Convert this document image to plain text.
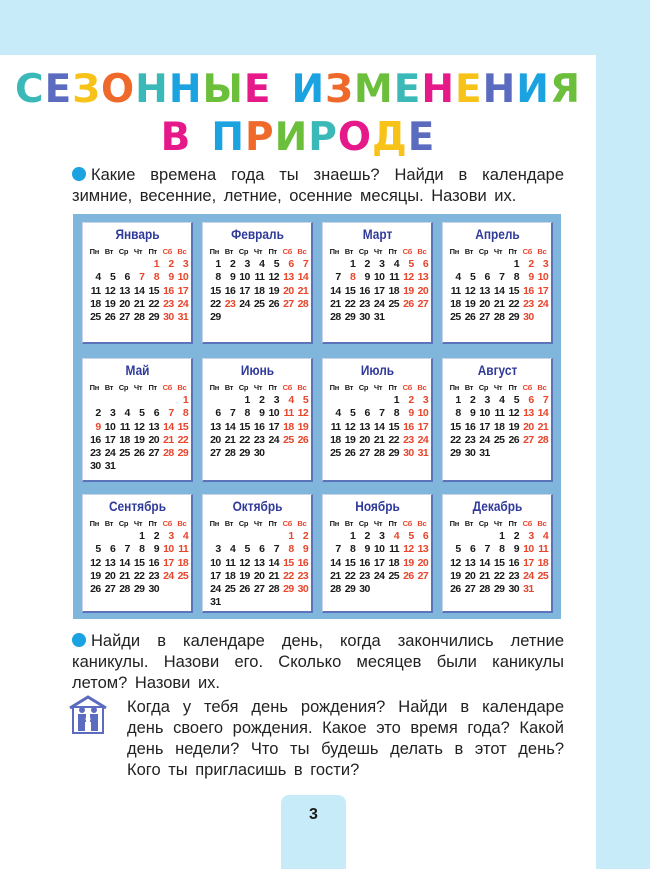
СЕЗОННЫЕ ИЗМЕНЕНИЯ
В ПРИРОДЕ
Какие времена года ты знаешь? Найди в календаре зимние, весенние, летние, осенние месяцы. Назови их.
Январь
Пн Вт Ср Чт Пт Сб Вс
1 2 3
4 5 6 7 8 9 10
11 12 13 14 15 16 17
18 19 20 21 22 23 24
25 26 27 28 29 30 31
Февраль
Пн Вт Ср Чт Пт Сб Вс
1 2 3 4 5 6 7
8 9 10 11 12 13 14
15 16 17 18 19 20 21
22 23 24 25 26 27 28
29
Март
Пн Вт Ср Чт Пт Сб Вс
1 2 3 4 5 6
7 8 9 10 11 12 13
14 15 16 17 18 19 20
21 22 23 24 25 26 27
28 29 30 31
Апрель
Пн Вт Ср Чт Пт Сб Вс
1 2 3
4 5 6 7 8 9 10
11 12 13 14 15 16 17
18 19 20 21 22 23 24
25 26 27 28 29 30
Май
Пн Вт Ср Чт Пт Сб Вс
1
2 3 4 5 6 7 8
9 10 11 12 13 14 15
16 17 18 19 20 21 22
23 24 25 26 27 28 29
30 31
Июнь
Пн Вт Ср Чт Пт Сб Вс
1 2 3 4 5
6 7 8 9 10 11 12
13 14 15 16 17 18 19
20 21 22 23 24 25 26
27 28 29 30
Июль
Пн Вт Ср Чт Пт Сб Вс
1 2 3
4 5 6 7 8 9 10
11 12 13 14 15 16 17
18 19 20 21 22 23 24
25 26 27 28 29 30 31
Август
Пн Вт Ср Чт Пт Сб Вс
1 2 3 4 5 6 7
8 9 10 11 12 13 14
15 16 17 18 19 20 21
22 23 24 25 26 27 28
29 30 31
Сентябрь
Пн Вт Ср Чт Пт Сб Вс
1 2 3 4
5 6 7 8 9 10 11
12 13 14 15 16 17 18
19 20 21 22 23 24 25
26 27 28 29 30
Октябрь
Пн Вт Ср Чт Пт Сб Вс
1 2
3 4 5 6 7 8 9
10 11 12 13 14 15 16
17 18 19 20 21 22 23
24 25 26 27 28 29 30
31
Ноябрь
Пн Вт Ср Чт Пт Сб Вс
1 2 3 4 5 6
7 8 9 10 11 12 13
14 15 16 17 18 19 20
21 22 23 24 25 26 27
28 29 30
Декабрь
Пн Вт Ср Чт Пт Сб Вс
1 2 3 4
5 6 7 8 9 10 11
12 13 14 15 16 17 18
19 20 21 22 23 24 25
26 27 28 29 30 31
Найди в календаре день, когда закончились летние каникулы. Назови его. Сколько месяцев были каникулы летом? Назови их.
Когда у тебя день рождения? Найди в календаре день своего рождения. Какое это время года? Какой день недели? Что ты будешь делать в этот день? Кого ты пригласишь в гости?
3
